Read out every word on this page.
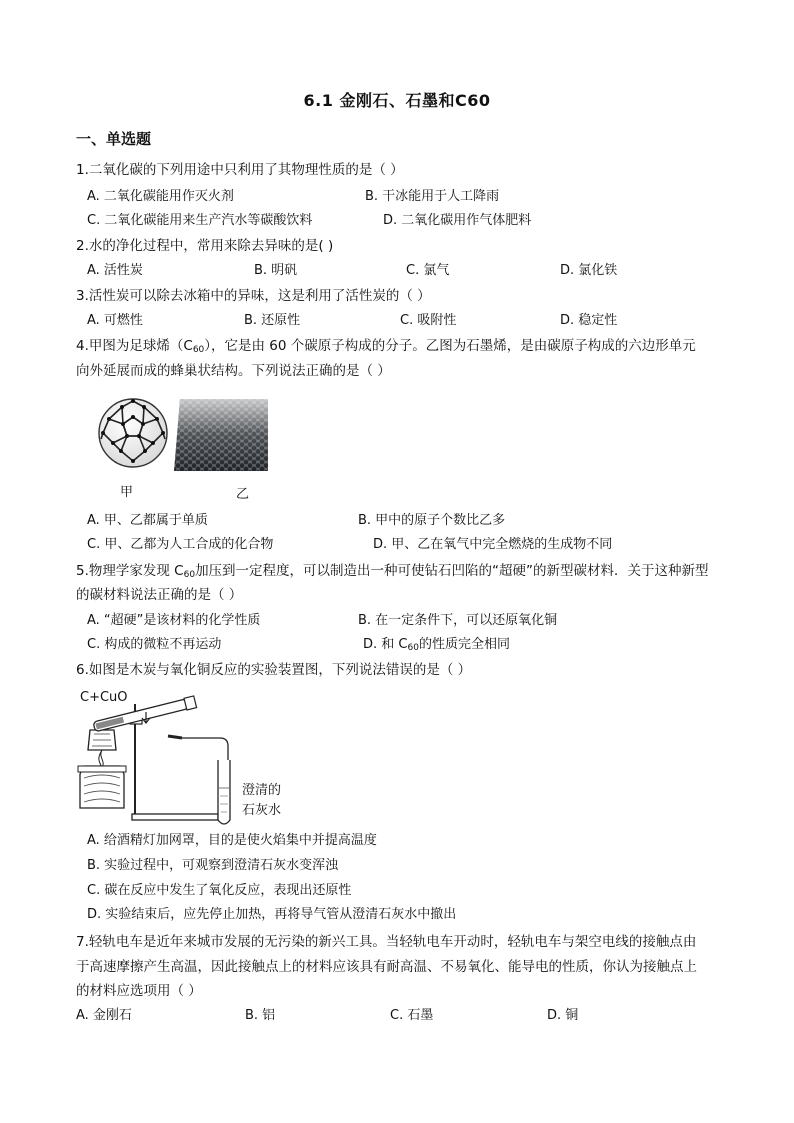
6.1 金刚石、石墨和C60
一、单选题
1.二氧化碳的下列用途中只利用了其物理性质的是（ ）
A. 二氧化碳能用作灭火剂	B. 干冰能用于人工降雨
C. 二氧化碳能用来生产汽水等碳酸饮料	D. 二氧化碳用作气体肥料
2.水的净化过程中，常用来除去异味的是( )
A. 活性炭	B. 明矾	C. 氯气	D. 氯化铁
3.活性炭可以除去冰箱中的异味，这是利用了活性炭的（ ）
A. 可燃性	B. 还原性	C. 吸附性	D. 稳定性
4.甲图为足球烯$(C_{60})$，它是由 60 个碳原子构成的分子。乙图为石墨烯，是由碳原子构成的六边形单元
向外延展而成的蜂巢状结构。下列说法正确的是（ ）
甲	乙
A. 甲、乙都属于单质	B. 甲中的原子个数比乙多
C. 甲、乙都为人工合成的化合物	D. 甲、乙在氧气中完全燃烧的生成物不同
5.物理学家发现 $C_{60}$加压到一定程度，可以制造出一种可使钻石凹陷的“超硬”的新型碳材料．关于这种新型
的碳材料说法正确的是（ ）
A. “超硬”是该材料的化学性质	B. 在一定条件下，可以还原氧化铜
C. 构成的微粒不再运动	D. 和 $C_{60}$的性质完全相同
6.如图是木炭与氧化铜反应的实验装置图，下列说法错误的是（ ）
C+CuO
澄清的
石灰水
A. 给酒精灯加网罩，目的是使火焰集中并提高温度
B. 实验过程中，可观察到澄清石灰水变浑浊
C. 碳在反应中发生了氧化反应，表现出还原性
D. 实验结束后，应先停止加热，再将导气管从澄清石灰水中撤出
7.轻轨电车是近年来城市发展的无污染的新兴工具。当轻轨电车开动时，轻轨电车与架空电线的接触点由
于高速摩擦产生高温，因此接触点上的材料应该具有耐高温、不易氧化、能导电的性质，你认为接触点上
的材料应选项用（ ）
A. 金刚石	B. 铝	C. 石墨	D. 铜
